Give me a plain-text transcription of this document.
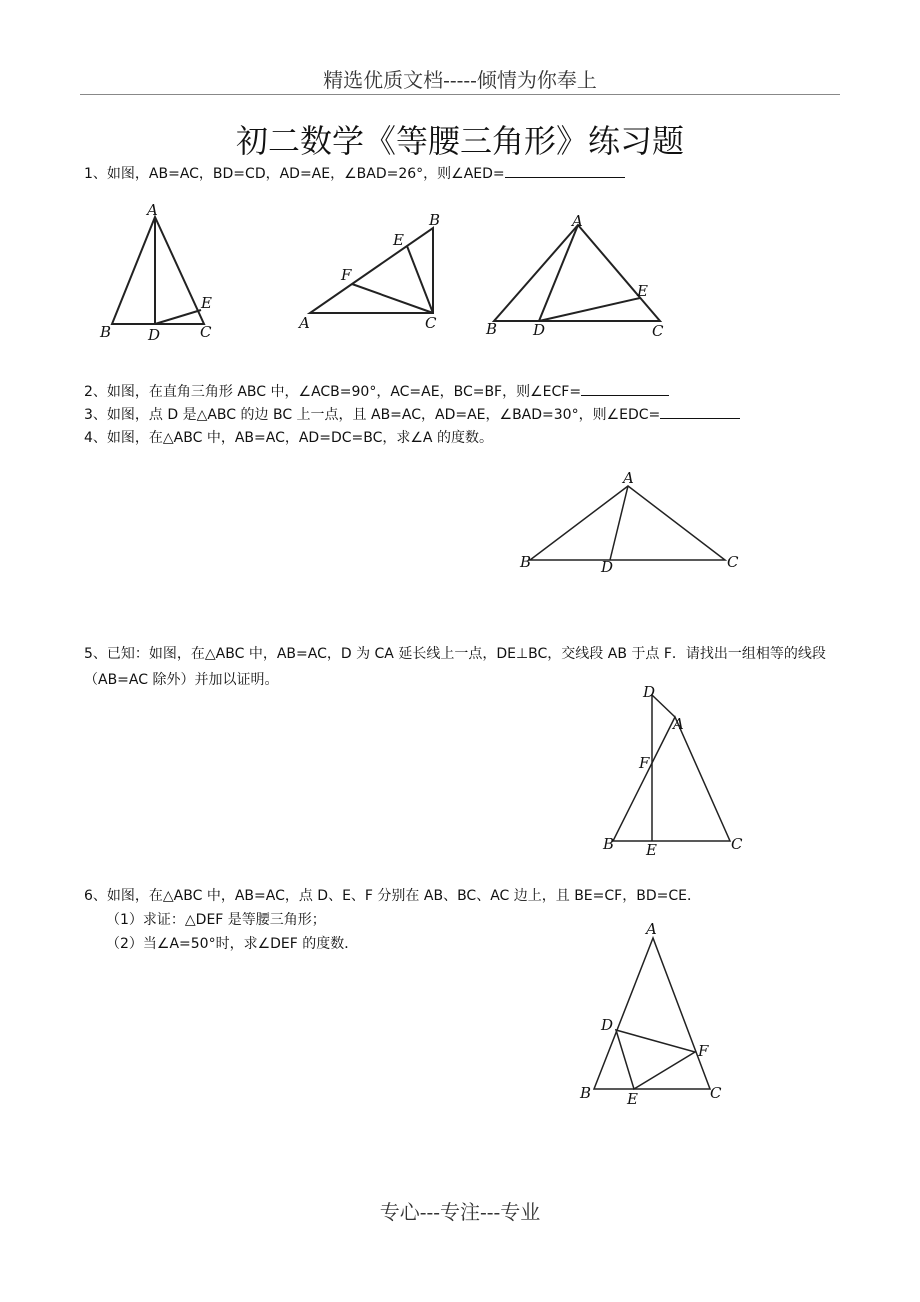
精选优质文档-----倾情为你奉上
初二数学《等腰三角形》练习题
1、如图，AB=AC，BD=CD，AD=AE，∠BAD=26°，则∠AED=
A
B D	C
E
B
E
F
A	C
A
B D	C
E
2、如图，在直角三角形 ABC 中，∠ACB=90°，AC=AE，BC=BF，则∠ECF=
3、如图，点 D 是△ABC 的边 BC 上一点，且 AB=AC，AD=AE，∠BAD=30°，则∠EDC=
4、如图，在△ABC 中，AB=AC，AD=DC=BC，求∠A 的度数。
A
B	D	C
5、已知：如图，在△ABC 中，AB=AC，D 为 CA 延长线上一点，DE⊥BC，交线段 AB 于点 F．请找出一组相等的线段（AB=AC 除外）并加以证明。
D
A
F
B E	C
6、如图，在△ABC 中，AB=AC，点 D、E、F 分别在 AB、BC、AC 边上，且 BE=CF，BD=CE．
（1）求证：△DEF 是等腰三角形；
（2）当∠A=50°时，求∠DEF 的度数．
A
D
F
B E	C
专心---专注---专业
